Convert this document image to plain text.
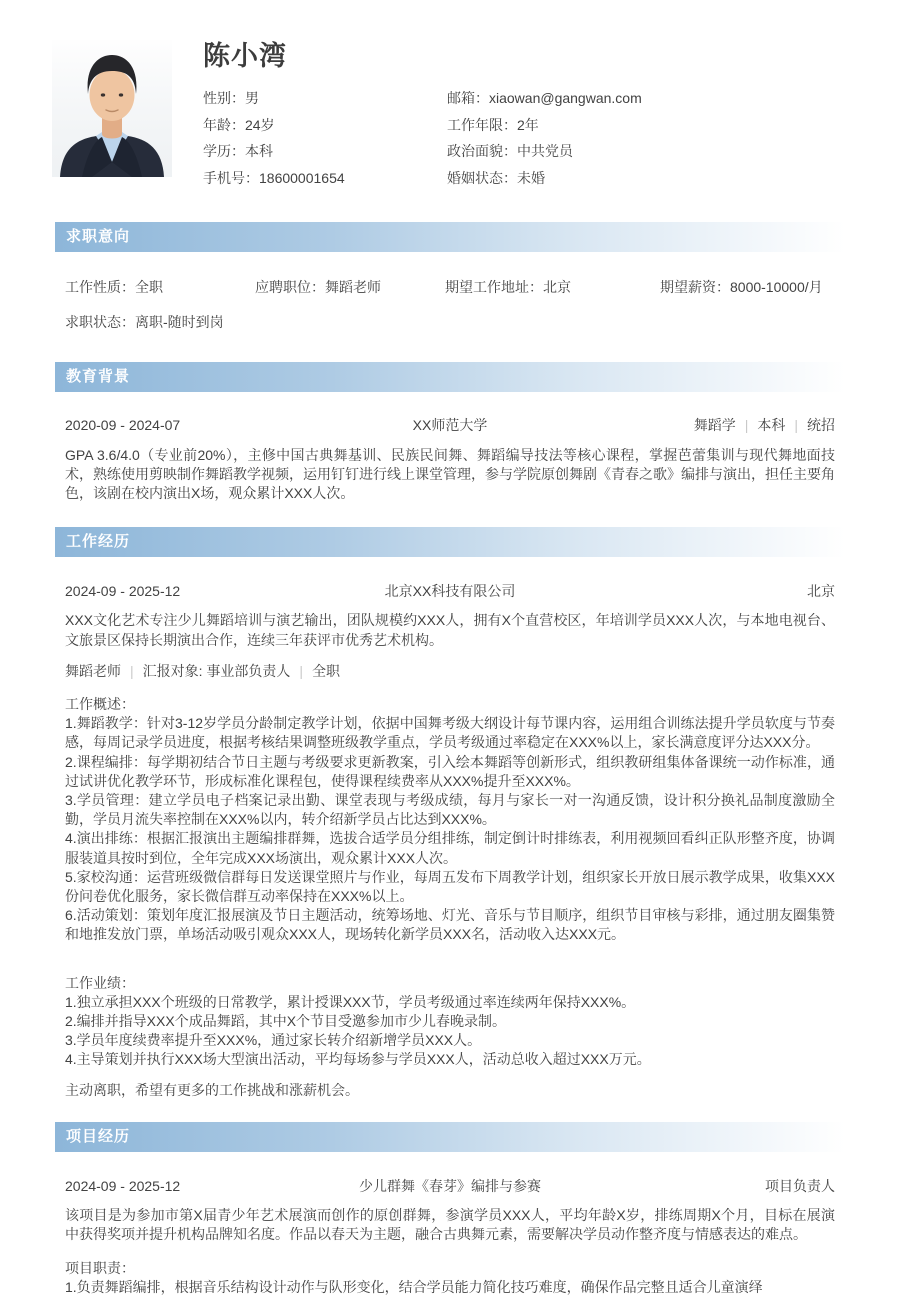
陈小湾
性别：男	邮箱：xiaowan@gangwan.com
年龄：24岁	工作年限：2年
学历：本科	政治面貌：中共党员
手机号：18600001654	婚姻状态：未婚
求职意向
工作性质：全职	应聘职位：舞蹈老师	期望工作地址：北京	期望薪资：8000-10000/月
求职状态：离职-随时到岗
教育背景
2020-09 - 2024-07	XX师范大学	舞蹈学 | 本科 | 统招
GPA 3.6/4.0（专业前20%），主修中国古典舞基训、民族民间舞、舞蹈编导技法等核心课程，掌握芭蕾集训与现代舞地面技术，熟练使用剪映制作舞蹈教学视频，运用钉钉进行线上课堂管理，参与学院原创舞剧《青春之歌》编排与演出，担任主要角色，该剧在校内演出X场，观众累计XXX人次。
工作经历
2024-09 - 2025-12	北京XX科技有限公司	北京
XXX文化艺术专注少儿舞蹈培训与演艺输出，团队规模约XXX人，拥有X个直营校区，年培训学员XXX人次，与本地电视台、文旅景区保持长期演出合作，连续三年获评市优秀艺术机构。
舞蹈老师 | 汇报对象: 事业部负责人 | 全职
工作概述：
1.舞蹈教学：针对3-12岁学员分龄制定教学计划，依据中国舞考级大纲设计每节课内容，运用组合训练法提升学员软度与节奏感，每周记录学员进度，根据考核结果调整班级教学重点，学员考级通过率稳定在XXX%以上，家长满意度评分达XXX分。
2.课程编排：每学期初结合节日主题与考级要求更新教案，引入绘本舞蹈等创新形式，组织教研组集体备课统一动作标准，通过试讲优化教学环节，形成标准化课程包，使得课程续费率从XXX%提升至XXX%。
3.学员管理：建立学员电子档案记录出勤、课堂表现与考级成绩，每月与家长一对一沟通反馈，设计积分换礼品制度激励全勤，学员月流失率控制在XXX%以内，转介绍新学员占比达到XXX%。
4.演出排练：根据汇报演出主题编排群舞，选拔合适学员分组排练，制定倒计时排练表，利用视频回看纠正队形整齐度，协调服装道具按时到位，全年完成XXX场演出，观众累计XXX人次。
5.家校沟通：运营班级微信群每日发送课堂照片与作业，每周五发布下周教学计划，组织家长开放日展示教学成果，收集XXX份问卷优化服务，家长微信群互动率保持在XXX%以上。
6.活动策划：策划年度汇报展演及节日主题活动，统筹场地、灯光、音乐与节目顺序，组织节目审核与彩排，通过朋友圈集赞和地推发放门票，单场活动吸引观众XXX人，现场转化新学员XXX名，活动收入达XXX元。
工作业绩：
1.独立承担XXX个班级的日常教学，累计授课XXX节，学员考级通过率连续两年保持XXX%。
2.编排并指导XXX个成品舞蹈，其中X个节目受邀参加市少儿春晚录制。
3.学员年度续费率提升至XXX%，通过家长转介绍新增学员XXX人。
4.主导策划并执行XXX场大型演出活动，平均每场参与学员XXX人，活动总收入超过XXX万元。
主动离职，希望有更多的工作挑战和涨薪机会。
项目经历
2024-09 - 2025-12	少儿群舞《春芽》编排与参赛	项目负责人
该项目是为参加市第X届青少年艺术展演而创作的原创群舞，参演学员XXX人，平均年龄X岁，排练周期X个月，目标在展演中获得奖项并提升机构品牌知名度。作品以春天为主题，融合古典舞元素，需要解决学员动作整齐度与情感表达的难点。
项目职责：
1.负责舞蹈编排，根据音乐结构设计动作与队形变化，结合学员能力简化技巧难度，确保作品完整且适合儿童演绎
